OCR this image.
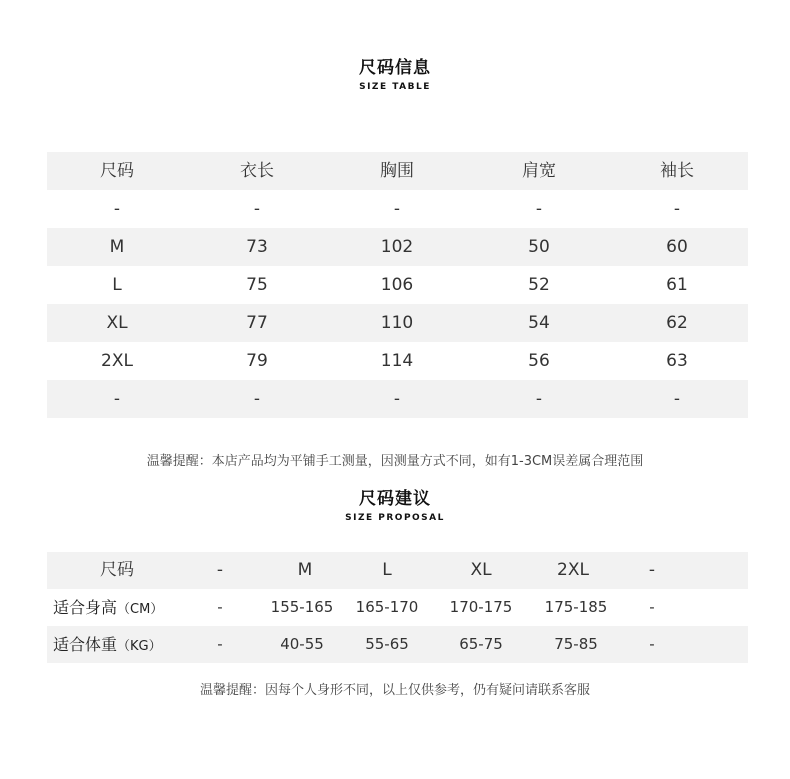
尺码信息
SIZE TABLE
尺码	衣长	胸围	肩宽	袖长
-	-	-	-	-
M	73	102	50	60
L	75	106	52	61
XL	77	110	54	62
2XL	79	114	56	63
-	-	-	-	-
温馨提醒：本店产品均为平铺手工测量，因测量方式不同，如有1-3CM误差属合理范围
尺码建议
SIZE PROPOSAL
尺码	-	M	L	XL	2XL	-
适合身高（CM）	-	155-165	165-170	170-175	175-185	-
适合体重（KG）	-	40-55	55-65	65-75	75-85	-
温馨提醒：因每个人身形不同，以上仅供参考，仍有疑问请联系客服
